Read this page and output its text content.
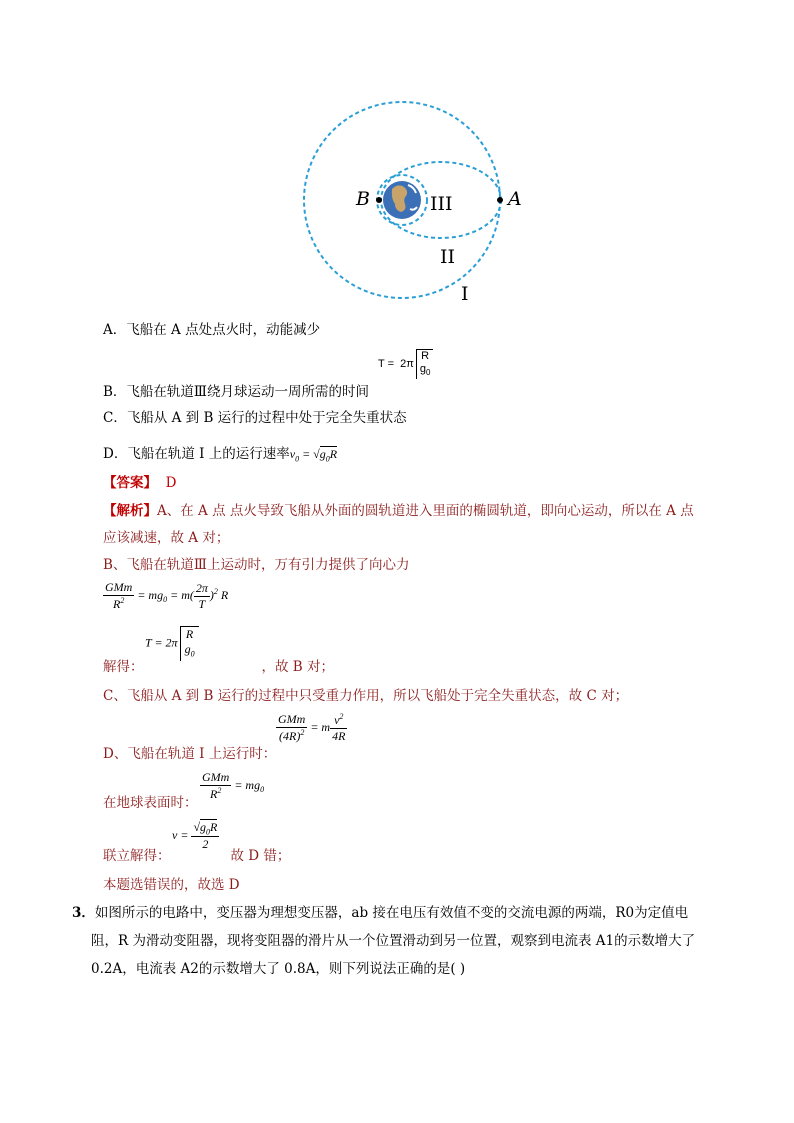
B	A
III
II
I
A．飞船在 A 点处点火时，动能减少
T =  2πR
$g_0$
B．飞船在轨道Ⅲ绕月球运动一周所需的时间
C．飞船从 A 到 B 运行的过程中处于完全失重状态
D．飞船在轨道 I 上的运行速率$v_0 = √g_0R$
【答案】 D
【解析】A、在 A 点 点火导致飞船从外面的圆轨道进入里面的椭圆轨道，即向心运动，所以在 A 点
应该减速，故 A 对；
B、飞船在轨道Ⅲ上运动时，万有引力提供了向心力
$\frac{\text{GMm}}{R^2} = mg_0 = m( \frac{2\pi}{T} )^2$ R
T = 2πR
$g_0$
解得：	，故 B 对；
C、飞船从 A 到 B 运行的过程中只受重力作用，所以飞船处于完全失重状态，故 C 对；
$\frac{\text{GMm}}{(4R)^2} = m \frac{v^2}{4R}$
D、飞船在轨道 I 上运行时：
$\frac{\text{GMm}}{R^2} = mg_0$
在地球表面时：
$v = \frac{√g_0R}{2}$
联立解得：	故 D 错；
本题选错误的，故选 D
3．如图所示的电路中，变压器为理想变压器，ab 接在电压有效值不变的交流电源的两端，R0为定值电
阻，R 为滑动变阻器，现将变阻器的滑片从一个位置滑动到另一位置，观察到电流表 A1的示数增大了
0.2A，电流表 A2的示数增大了 0.8A，则下列说法正确的是( )
